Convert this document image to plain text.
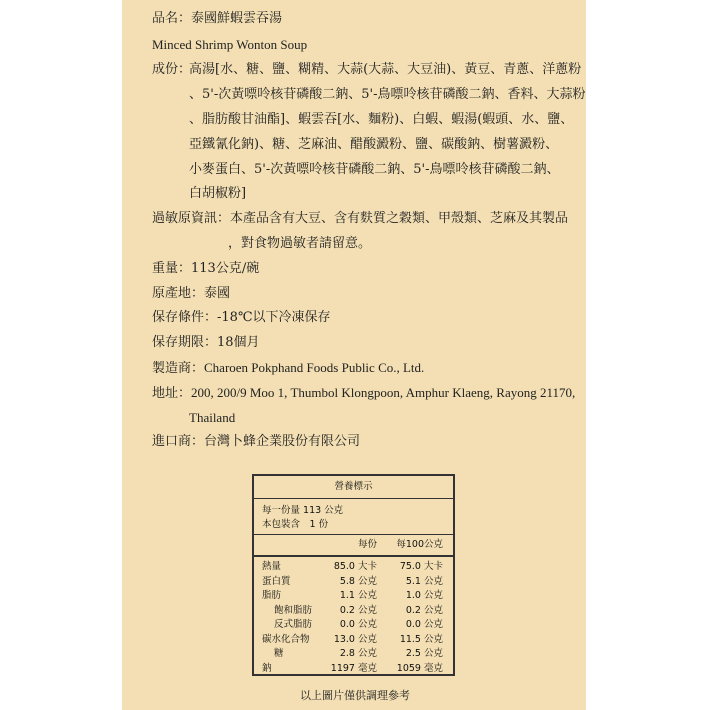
品名：泰國鮮蝦雲吞湯
Minced Shrimp Wonton Soup
成份：
高湯[水、糖、鹽、糊精、大蒜(大蒜、大豆油)、黃豆、青蔥、洋蔥粉
、5'-次黃嘌呤核苷磷酸二鈉、5'-鳥嘌呤核苷磷酸二鈉、香料、大蒜粉
、脂肪酸甘油酯]、蝦雲吞[水、麵粉)、白蝦、蝦湯(蝦頭、水、鹽、
亞鐵氰化鈉)、糖、芝麻油、醋酸澱粉、鹽、碳酸鈉、樹薯澱粉、
小麥蛋白、5'-次黃嘌呤核苷磷酸二鈉、5'-鳥嘌呤核苷磷酸二鈉、
白胡椒粉]
過敏原資訊：本產品含有大豆、含有麩質之穀類、甲殼類、芝麻及其製品
，對食物過敏者請留意。
重量：113公克/碗
原產地：泰國
保存條件：-18℃以下冷凍保存
保存期限：18個月
製造商：Charoen Pokphand Foods Public Co., Ltd.
地址：200, 200/9 Moo 1, Thumbol Klongpoon, Amphur Klaeng, Rayong 21170,
Thailand
進口商：台灣卜蜂企業股份有限公司
營養標示
每一份量 113 公克
本包裝含　1 份
每份 每100公克
熱量	85.0 大卡 75.0 大卡
蛋白質	5.8 公克	5.1 公克
脂肪	1.1 公克	1.0 公克
飽和脂肪	0.2 公克	0.2 公克
反式脂肪	0.0 公克	0.0 公克
碳水化合物	13.0 公克 11.5 公克
糖	2.8 公克	2.5 公克
鈉	1197 毫克 1059 毫克
以上圖片僅供調理參考
